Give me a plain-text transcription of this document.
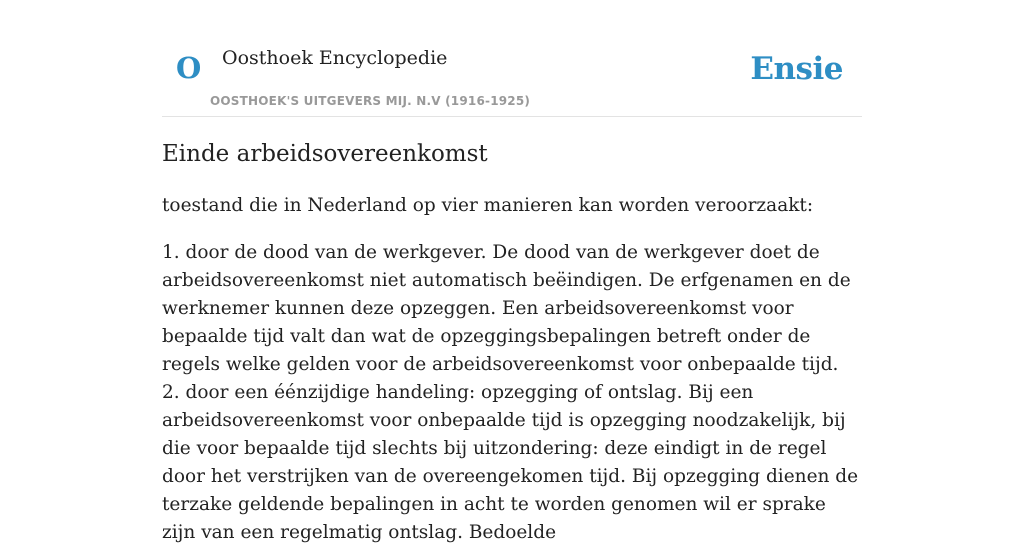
O Oosthoek Encyclopedie
OOSTHOEK'S UITGEVERS MIJ. N.V (1916-1925)
Ensie
Einde arbeidsovereenkomst

toestand die in Nederland op vier manieren kan worden veroorzaakt:

1. door de dood van de werkgever. De dood van de werkgever doet de arbeidsovereenkomst niet automatisch beëindigen. De erfgenamen en de werknemer kunnen deze opzeggen. Een arbeidsovereenkomst voor bepaalde tijd valt dan wat de opzeggingsbepalingen betreft onder de regels welke gelden voor de arbeidsovereenkomst voor onbepaalde tijd.

2. door een éénzijdige handeling: opzegging of ontslag. Bij een arbeidsovereenkomst voor onbepaalde tijd is opzegging noodzakelijk, bij die voor bepaalde tijd slechts bij uitzondering: deze eindigt in de regel door het verstrijken van de overeengekomen tijd. Bij opzegging dienen de terzake geldende bepalingen in acht te worden genomen wil er sprake zijn van een regelmatig ontslag. Bedoelde
